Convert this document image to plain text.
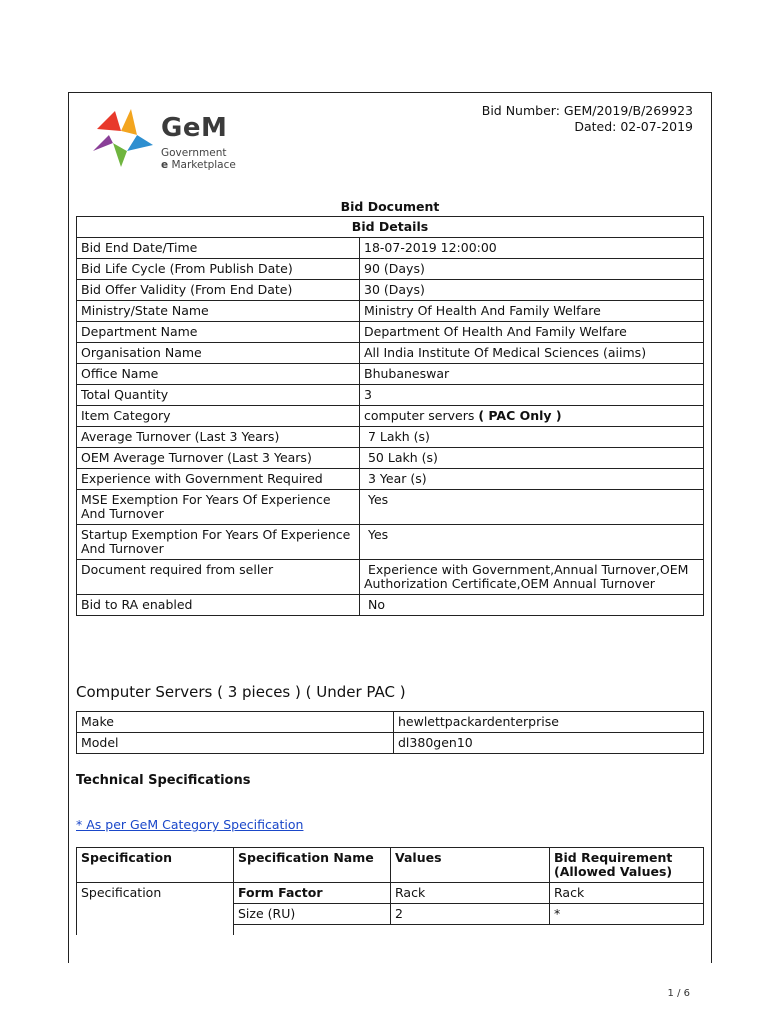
GeM
Government
e Marketplace
Bid Number: GEM/2019/B/269923
Dated: 02-07-2019
Bid Document
Bid Details	
Bid End Date/Time	18-07-2019 12:00:00
Bid Life Cycle (From Publish Date)	90 (Days)
Bid Offer Validity (From End Date)	30 (Days)
Ministry/State Name	Ministry Of Health And Family Welfare
Department Name	Department Of Health And Family Welfare
Organisation Name	All India Institute Of Medical Sciences (aiims)
Office Name	Bhubaneswar
Total Quantity	3
Item Category	computer servers ( PAC Only )
Average Turnover (Last 3 Years)	7 Lakh (s)
OEM Average Turnover (Last 3 Years)	50 Lakh (s)
Experience with Government Required	3 Year (s)
MSE Exemption For Years Of Experience And Turnover	Yes
Startup Exemption For Years Of Experience And Turnover	Yes
Document required from seller	Experience with Government,Annual Turnover,OEM Authorization Certificate,OEM Annual Turnover
Bid to RA enabled	No
Computer Servers ( 3 pieces ) ( Under PAC )
Make	hewlettpackardenterprise
Model	dl380gen10
Technical Specifications
* As per GeM Category Specification
Specification	Specification Name	Values	Bid Requirement (Allowed Values)
Specification	Form Factor	Rack	Rack
	Size (RU)	2	*

1 / 6
